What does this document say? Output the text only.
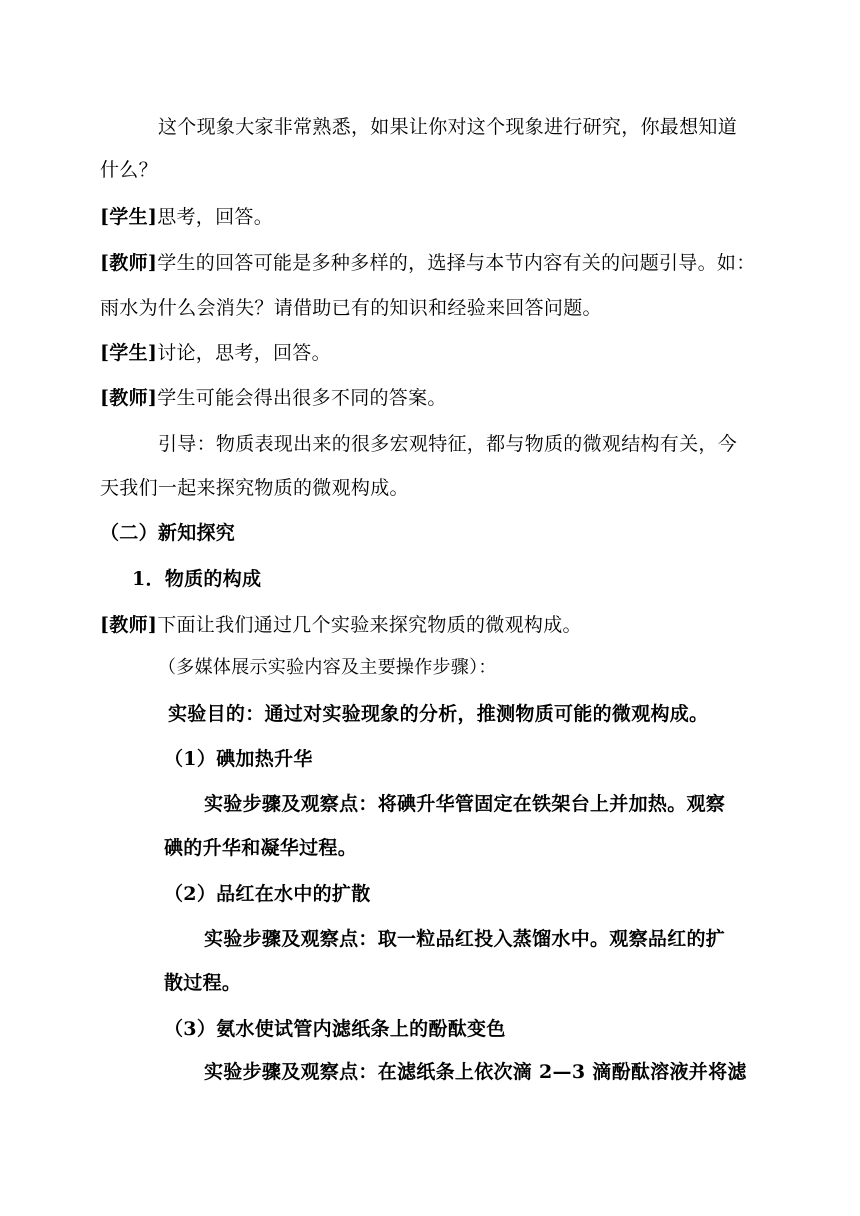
这个现象大家非常熟悉，如果让你对这个现象进行研究，你最想知道
什么？
[学生]思考，回答。
[教师]学生的回答可能是多种多样的，选择与本节内容有关的问题引导。如：
雨水为什么会消失？请借助已有的知识和经验来回答问题。
[学生]讨论，思考，回答。
[教师]学生可能会得出很多不同的答案。
引导：物质表现出来的很多宏观特征，都与物质的微观结构有关，今
天我们一起来探究物质的微观构成。
（二）新知探究
1．物质的构成
[教师]下面让我们通过几个实验来探究物质的微观构成。
（多媒体展示实验内容及主要操作步骤）：
实验目的：通过对实验现象的分析，推测物质可能的微观构成。
（1）碘加热升华
实验步骤及观察点：将碘升华管固定在铁架台上并加热。观察
碘的升华和凝华过程。
（2）品红在水中的扩散
实验步骤及观察点：取一粒品红投入蒸馏水中。观察品红的扩
散过程。
（3）氨水使试管内滤纸条上的酚酞变色
实验步骤及观察点：在滤纸条上依次滴 2—3 滴酚酞溶液并将滤
